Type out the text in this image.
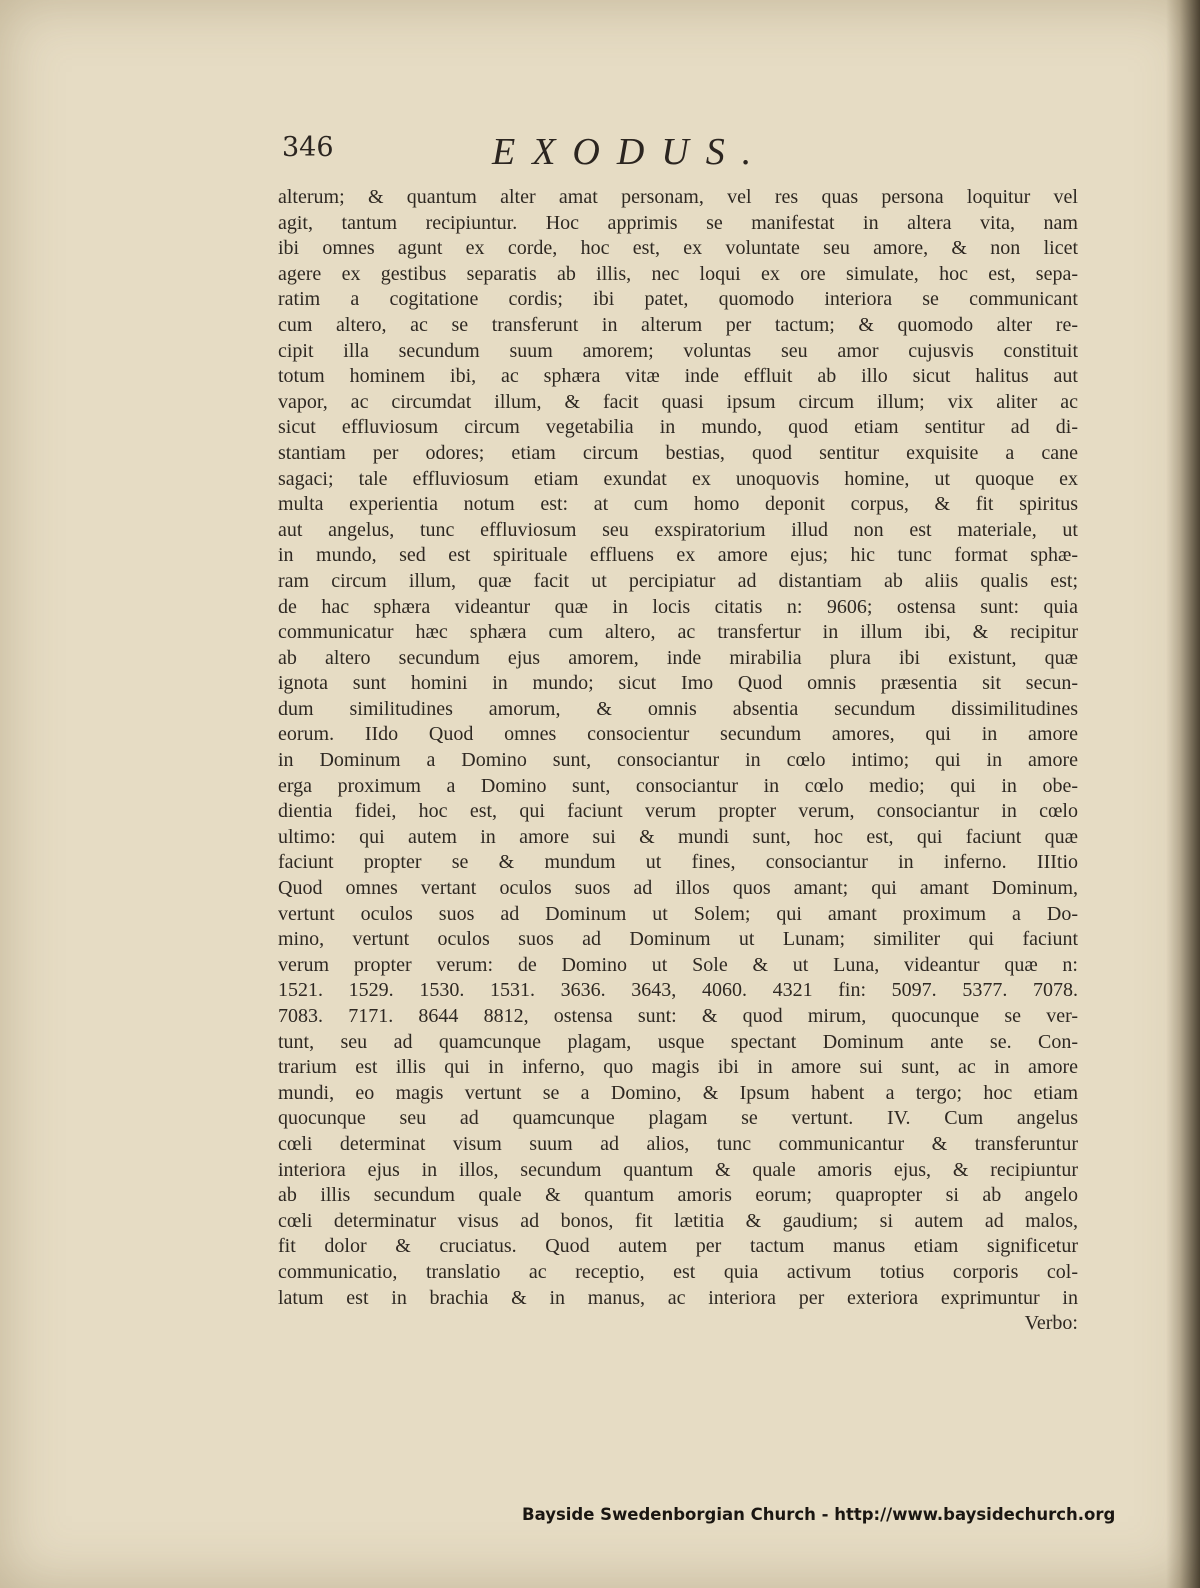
346	EXODUS.
alterum; & quantum alter amat personam, vel res quas persona loquitur vel
agit, tantum recipiuntur. Hoc apprimis se manifestat in altera vita, nam
ibi omnes agunt ex corde, hoc est, ex voluntate seu amore, & non licet
agere ex gestibus separatis ab illis, nec loqui ex ore simulate, hoc est, sepa-
ratim a cogitatione cordis; ibi patet, quomodo interiora se communicant
cum altero, ac se transferunt in alterum per tactum; & quomodo alter re-
cipit illa secundum suum amorem; voluntas seu amor cujusvis constituit
totum hominem ibi, ac sphæra vitæ inde effluit ab illo sicut halitus aut
vapor, ac circumdat illum, & facit quasi ipsum circum illum; vix aliter ac
sicut effluviosum circum vegetabilia in mundo, quod etiam sentitur ad di-
stantiam per odores; etiam circum bestias, quod sentitur exquisite a cane
sagaci; tale effluviosum etiam exundat ex unoquovis homine, ut quoque ex
multa experientia notum est: at cum homo deponit corpus, & fit spiritus
aut angelus, tunc effluviosum seu exspiratorium illud non est materiale, ut
in mundo, sed est spirituale effluens ex amore ejus; hic tunc format sphæ-
ram circum illum, quæ facit ut percipiatur ad distantiam ab aliis qualis est;
de hac sphæra videantur quæ in locis citatis n: 9606; ostensa sunt: quia
communicatur hæc sphæra cum altero, ac transfertur in illum ibi, & recipitur
ab altero secundum ejus amorem, inde mirabilia plura ibi existunt, quæ
ignota sunt homini in mundo; sicut Imo Quod omnis præsentia sit secun-
dum similitudines amorum, & omnis absentia secundum dissimilitudines
eorum. IIdo Quod omnes consocientur secundum amores, qui in amore
in Dominum a Domino sunt, consociantur in cœlo intimo; qui in amore
erga proximum a Domino sunt, consociantur in cœlo medio; qui in obe-
dientia fidei, hoc est, qui faciunt verum propter verum, consociantur in cœlo
ultimo: qui autem in amore sui & mundi sunt, hoc est, qui faciunt quæ
faciunt propter se & mundum ut fines, consociantur in inferno. IIItio
Quod omnes vertant oculos suos ad illos quos amant; qui amant Dominum,
vertunt oculos suos ad Dominum ut Solem; qui amant proximum a Do-
mino, vertunt oculos suos ad Dominum ut Lunam; similiter qui faciunt
verum propter verum: de Domino ut Sole & ut Luna, videantur quæ n:
1521. 1529. 1530. 1531. 3636. 3643, 4060. 4321 fin: 5097. 5377. 7078.
7083. 7171. 8644 8812, ostensa sunt: & quod mirum, quocunque se ver-
tunt, seu ad quamcunque plagam, usque spectant Dominum ante se. Con-
trarium est illis qui in inferno, quo magis ibi in amore sui sunt, ac in amore
mundi, eo magis vertunt se a Domino, & Ipsum habent a tergo; hoc etiam
quocunque seu ad quamcunque plagam se vertunt. IV. Cum angelus
cœli determinat visum suum ad alios, tunc communicantur & transferuntur
interiora ejus in illos, secundum quantum & quale amoris ejus, & recipiuntur
ab illis secundum quale & quantum amoris eorum; quapropter si ab angelo
cœli determinatur visus ad bonos, fit lætitia & gaudium; si autem ad malos,
fit dolor & cruciatus. Quod autem per tactum manus etiam significetur
communicatio, translatio ac receptio, est quia activum totius corporis col-
latum est in brachia & in manus, ac interiora per exteriora exprimuntur in
Verbo:
Bayside Swedenborgian Church - http://www.baysidechurch.org
